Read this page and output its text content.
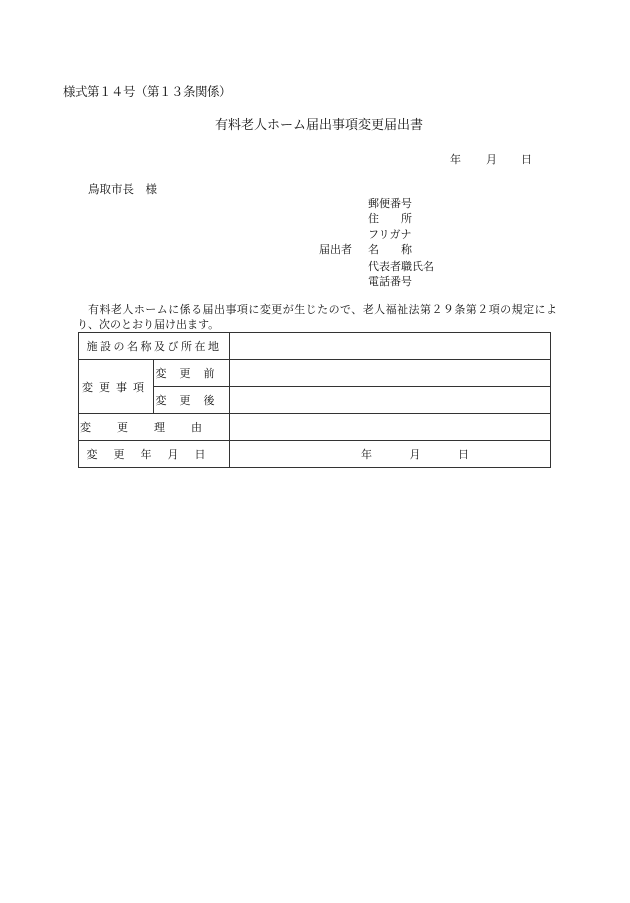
様式第１４号（第１３条関係）
有料老人ホーム届出事項変更届出書
年 月 日
鳥取市長　様
郵便番号
住　　所
フリガナ
届出者 名　　称
代表者職氏名
電話番号
有料老人ホームに係る届出事項に変更が生じたので、老人福祉法第２９条第２項の規定により、次のとおり届け出ます。
施設の名称及び所在地		
変更事項	変更前	
	変更後	
変更理由		
変更年月日		年 月 日
